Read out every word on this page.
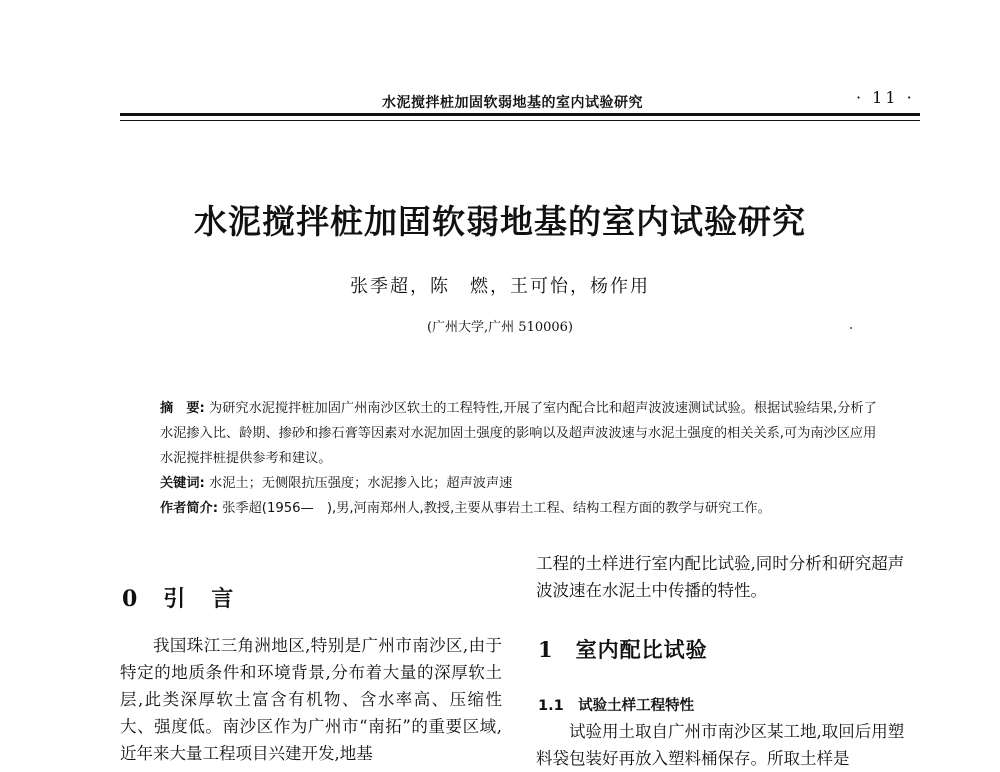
水泥搅拌桩加固软弱地基的室内试验研究	· 11 ·
水泥搅拌桩加固软弱地基的室内试验研究
张季超，陈　燃，王可怡，杨作用
(广州大学,广州 510006)

摘　要: 为研究水泥搅拌桩加固广州南沙区软土的工程特性,开展了室内配合比和超声波波速测试试验。根据试验结果,分析了水泥掺入比、龄期、掺砂和掺石膏等因素对水泥加固土强度的影响以及超声波波速与水泥土强度的相关关系,可为南沙区应用水泥搅拌桩提供参考和建议。

关键词: 水泥土；无侧限抗压强度；水泥掺入比；超声波声速

作者简介: 张季超(1956—　),男,河南郑州人,教授,主要从事岩土工程、结构工程方面的教学与研究工作。

0　引　言

我国珠江三角洲地区,特别是广州市南沙区,由于特定的地质条件和环境背景,分布着大量的深厚软土层,此类深厚软土富含有机物、含水率高、压缩性大、强度低。南沙区作为广州市“南拓”的重要区域,近年来大量工程项目兴建开发,地基

工程的土样进行室内配比试验,同时分析和研究超声波波速在水泥土中传播的特性。

1　室内配比试验
1.1　试验土样工程特性

试验用土取自广州市南沙区某工地,取回后用塑料袋包装好再放入塑料桶保存。所取土样是
